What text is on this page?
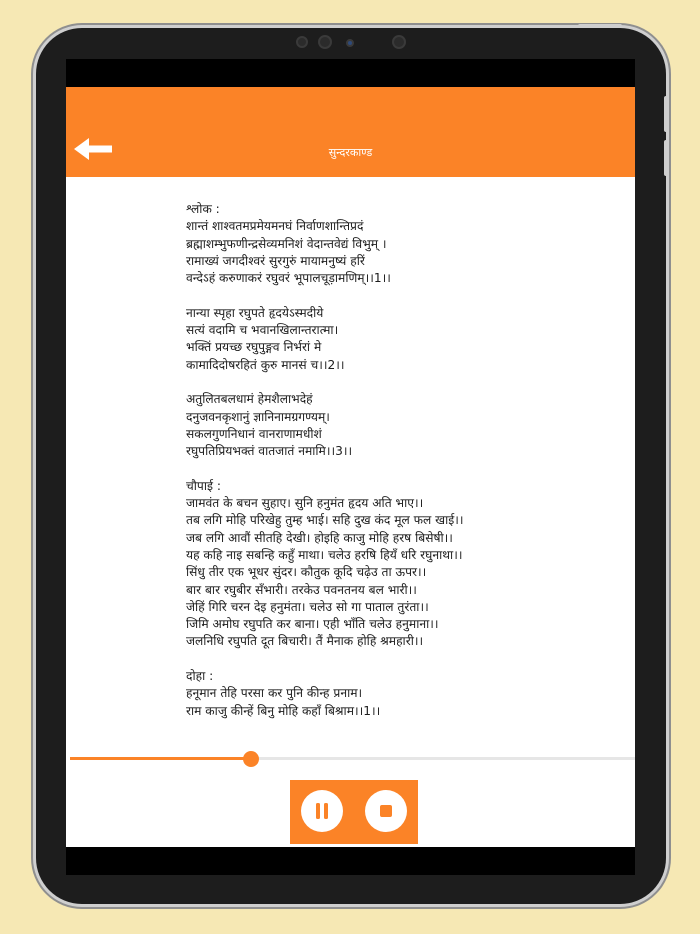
सुन्दरकाण्ड
श्लोक :
शान्तं शाश्वतमप्रमेयमनघं निर्वाणशान्तिप्रदं
ब्रह्माशम्भुफणीन्द्रसेव्यमनिशं वेदान्तवेद्यं विभुम् ।
रामाख्यं जगदीश्वरं सुरगुरुं मायामनुष्यं हरिं
वन्देऽहं करुणाकरं रघुवरं भूपालचूड़ामणिम्।।1।।
नान्या स्पृहा रघुपते हृदयेऽस्मदीये
सत्यं वदामि च भवानखिलान्तरात्मा।
भक्तिं प्रयच्छ रघुपुङ्गव निर्भरां मे
कामादिदोषरहितं कुरु मानसं च।।2।।
अतुलितबलधामं हेमशैलाभदेहं
दनुजवनकृशानुं ज्ञानिनामग्रगण्यम्।
सकलगुणनिधानं वानराणामधीशं
रघुपतिप्रियभक्तं वातजातं नमामि।।3।।
चौपाई :
जामवंत के बचन सुहाए। सुनि हनुमंत हृदय अति भाए।।
तब लगि मोहि परिखेहु तुम्ह भाई। सहि दुख कंद मूल फल खाई।।
जब लगि आवौं सीतहि देखी। होइहि काजु मोहि हरष बिसेषी।।
यह कहि नाइ सबन्हि कहुँ माथा। चलेउ हरषि हियँ धरि रघुनाथा।।
सिंधु तीर एक भूधर सुंदर। कौतुक कूदि चढ़ेउ ता ऊपर।।
बार बार रघुबीर सँभारी। तरकेउ पवनतनय बल भारी।।
जेहिं गिरि चरन देइ हनुमंता। चलेउ सो गा पाताल तुरंता।।
जिमि अमोघ रघुपति कर बाना। एही भाँति चलेउ हनुमाना।।
जलनिधि रघुपति दूत बिचारी। तैं मैनाक होहि श्रमहारी।।
दोहा :
हनूमान तेहि परसा कर पुनि कीन्ह प्रनाम।
राम काजु कीन्हें बिनु मोहि कहाँ बिश्राम।।1।।
